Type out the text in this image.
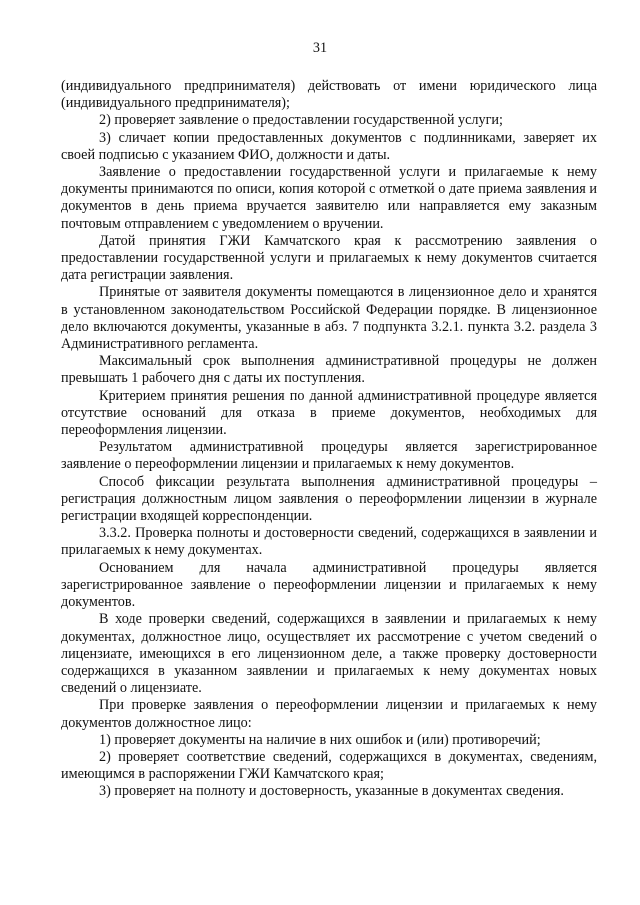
31

(индивидуального предпринимателя) действовать от имени юридического лица (индивидуального предпринимателя);

2) проверяет заявление о предоставлении государственной услуги;

3) сличает копии предоставленных документов с подлинниками, заверяет их своей подписью с указанием ФИО, должности и даты.

Заявление о предоставлении государственной услуги и прилагаемые к нему документы принимаются по описи, копия которой с отметкой о дате приема заявления и документов в день приема вручается заявителю или направляется ему заказным почтовым отправлением с уведомлением о вручении.

Датой принятия ГЖИ Камчатского края к рассмотрению заявления о предоставлении государственной услуги и прилагаемых к нему документов считается дата регистрации заявления.

Принятые от заявителя документы помещаются в лицензионное дело и хранятся в установленном законодательством Российской Федерации порядке. В лицензионное дело включаются документы, указанные в абз. 7 подпункта 3.2.1. пункта 3.2. раздела 3 Административного регламента.

Максимальный срок выполнения административной процедуры не должен превышать 1 рабочего дня с даты их поступления.

Критерием принятия решения по данной административной процедуре является отсутствие оснований для отказа в приеме документов, необходимых для переоформления лицензии.

Результатом административной процедуры является зарегистрированное заявление о переоформлении лицензии и прилагаемых к нему документов.

Способ фиксации результата выполнения административной процедуры – регистрация должностным лицом заявления о переоформлении лицензии в журнале регистрации входящей корреспонденции.

3.3.2. Проверка полноты и достоверности сведений, содержащихся в заявлении и прилагаемых к нему документах.

Основанием для начала административной процедуры является зарегистрированное заявление о переоформлении лицензии и прилагаемых к нему документов.

В ходе проверки сведений, содержащихся в заявлении и прилагаемых к нему документах, должностное лицо, осуществляет их рассмотрение с учетом сведений о лицензиате, имеющихся в его лицензионном деле, а также проверку достоверности содержащихся в указанном заявлении и прилагаемых к нему документах новых сведений о лицензиате.

При проверке заявления о переоформлении лицензии и прилагаемых к нему документов должностное лицо:

1) проверяет документы на наличие в них ошибок и (или) противоречий;

2) проверяет соответствие сведений, содержащихся в документах, сведениям, имеющимся в распоряжении ГЖИ Камчатского края;

3) проверяет на полноту и достоверность, указанные в документах сведения.
